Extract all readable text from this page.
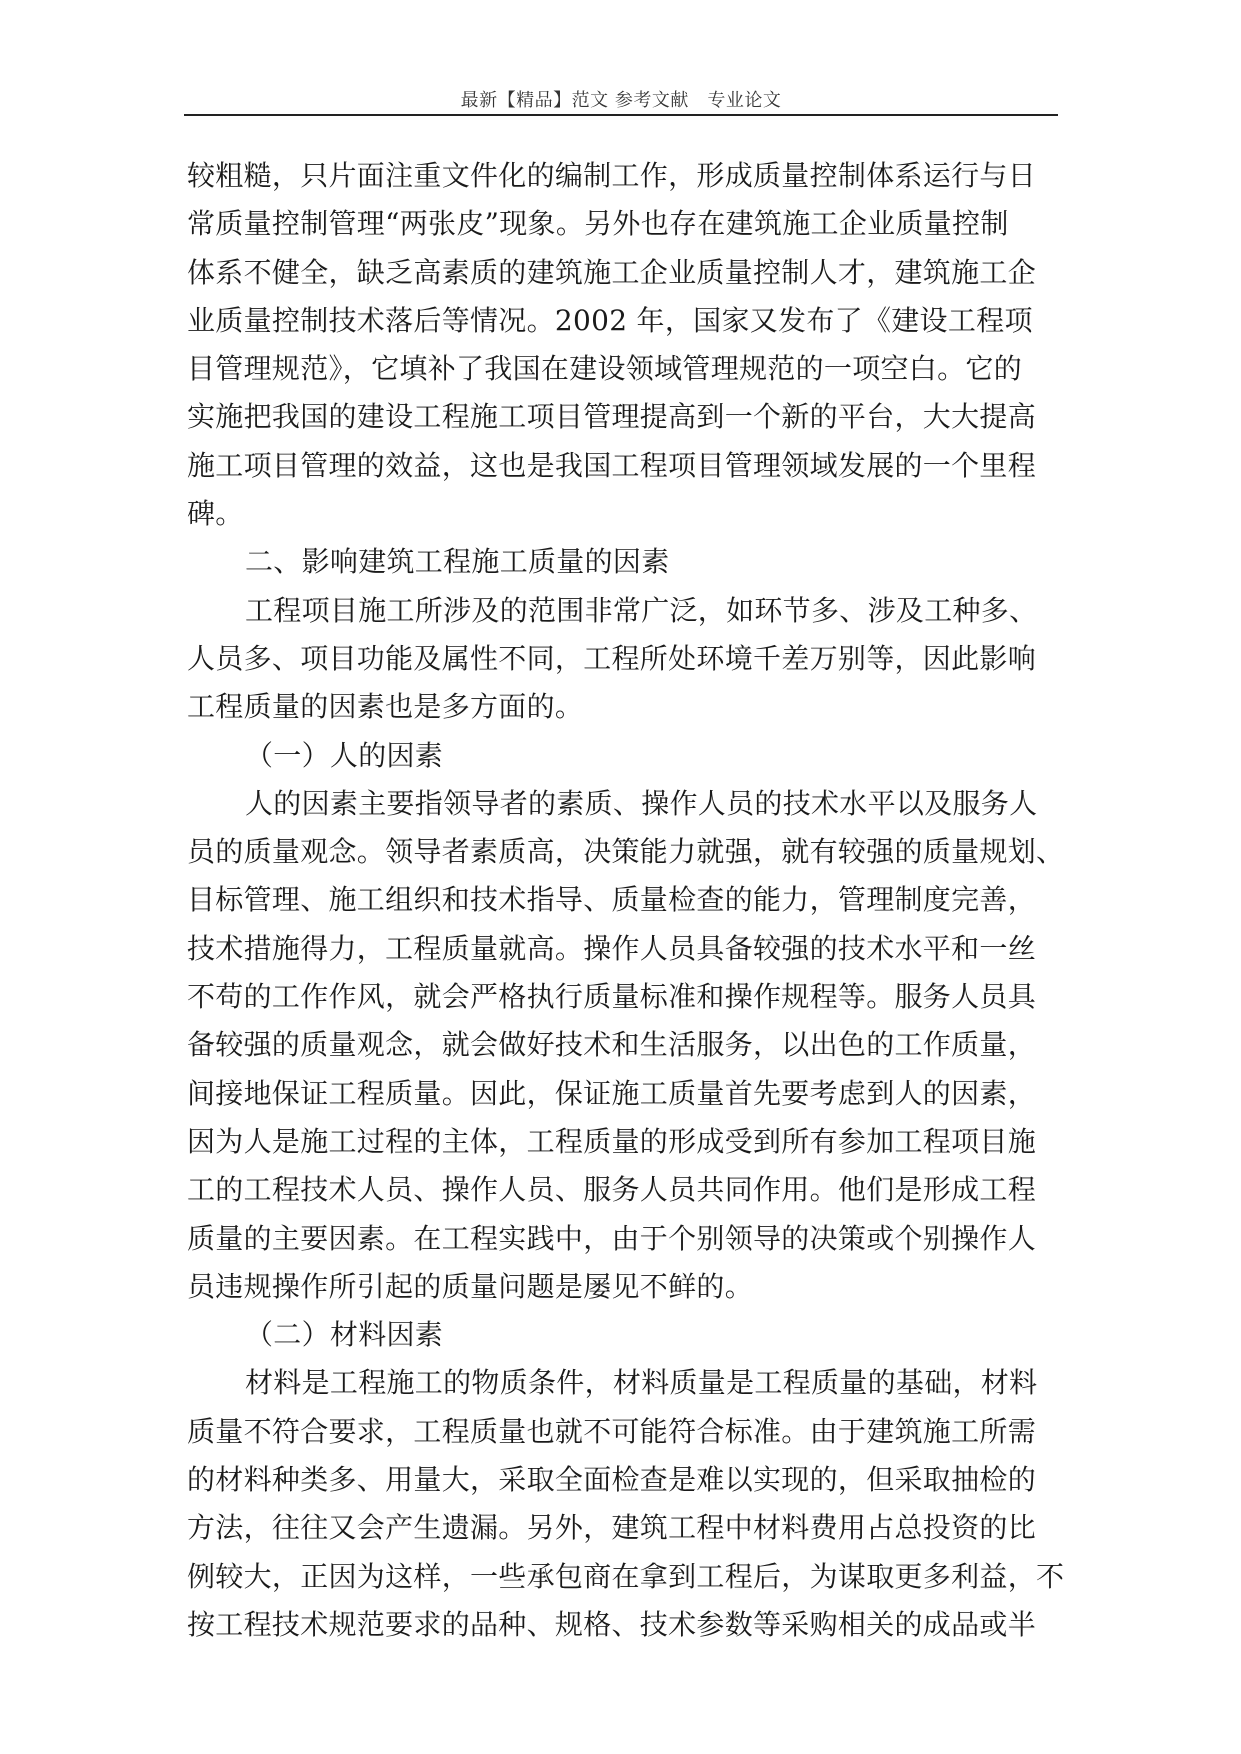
最新【精品】范文 参考文献　专业论文
较粗糙，只片面注重文件化的编制工作，形成质量控制体系运行与日
常质量控制管理“两张皮”现象。另外也存在建筑施工企业质量控制
体系不健全，缺乏高素质的建筑施工企业质量控制人才，建筑施工企
业质量控制技术落后等情况。2002 年，国家又发布了《建设工程项
目管理规范》，它填补了我国在建设领域管理规范的一项空白。它的
实施把我国的建设工程施工项目管理提高到一个新的平台，大大提高
施工项目管理的效益，这也是我国工程项目管理领域发展的一个里程
碑。
二、影响建筑工程施工质量的因素
工程项目施工所涉及的范围非常广泛，如环节多、涉及工种多、
人员多、项目功能及属性不同，工程所处环境千差万别等，因此影响
工程质量的因素也是多方面的。
（一）人的因素
人的因素主要指领导者的素质、操作人员的技术水平以及服务人
员的质量观念。领导者素质高，决策能力就强，就有较强的质量规划、
目标管理、施工组织和技术指导、质量检查的能力，管理制度完善，
技术措施得力，工程质量就高。操作人员具备较强的技术水平和一丝
不苟的工作作风，就会严格执行质量标准和操作规程等。服务人员具
备较强的质量观念，就会做好技术和生活服务，以出色的工作质量，
间接地保证工程质量。因此，保证施工质量首先要考虑到人的因素，
因为人是施工过程的主体，工程质量的形成受到所有参加工程项目施
工的工程技术人员、操作人员、服务人员共同作用。他们是形成工程
质量的主要因素。在工程实践中，由于个别领导的决策或个别操作人
员违规操作所引起的质量问题是屡见不鲜的。
（二）材料因素
材料是工程施工的物质条件，材料质量是工程质量的基础，材料
质量不符合要求，工程质量也就不可能符合标准。由于建筑施工所需
的材料种类多、用量大，采取全面检查是难以实现的，但采取抽检的
方法，往往又会产生遗漏。另外，建筑工程中材料费用占总投资的比
例较大，正因为这样，一些承包商在拿到工程后，为谋取更多利益，不
按工程技术规范要求的品种、规格、技术参数等采购相关的成品或半
